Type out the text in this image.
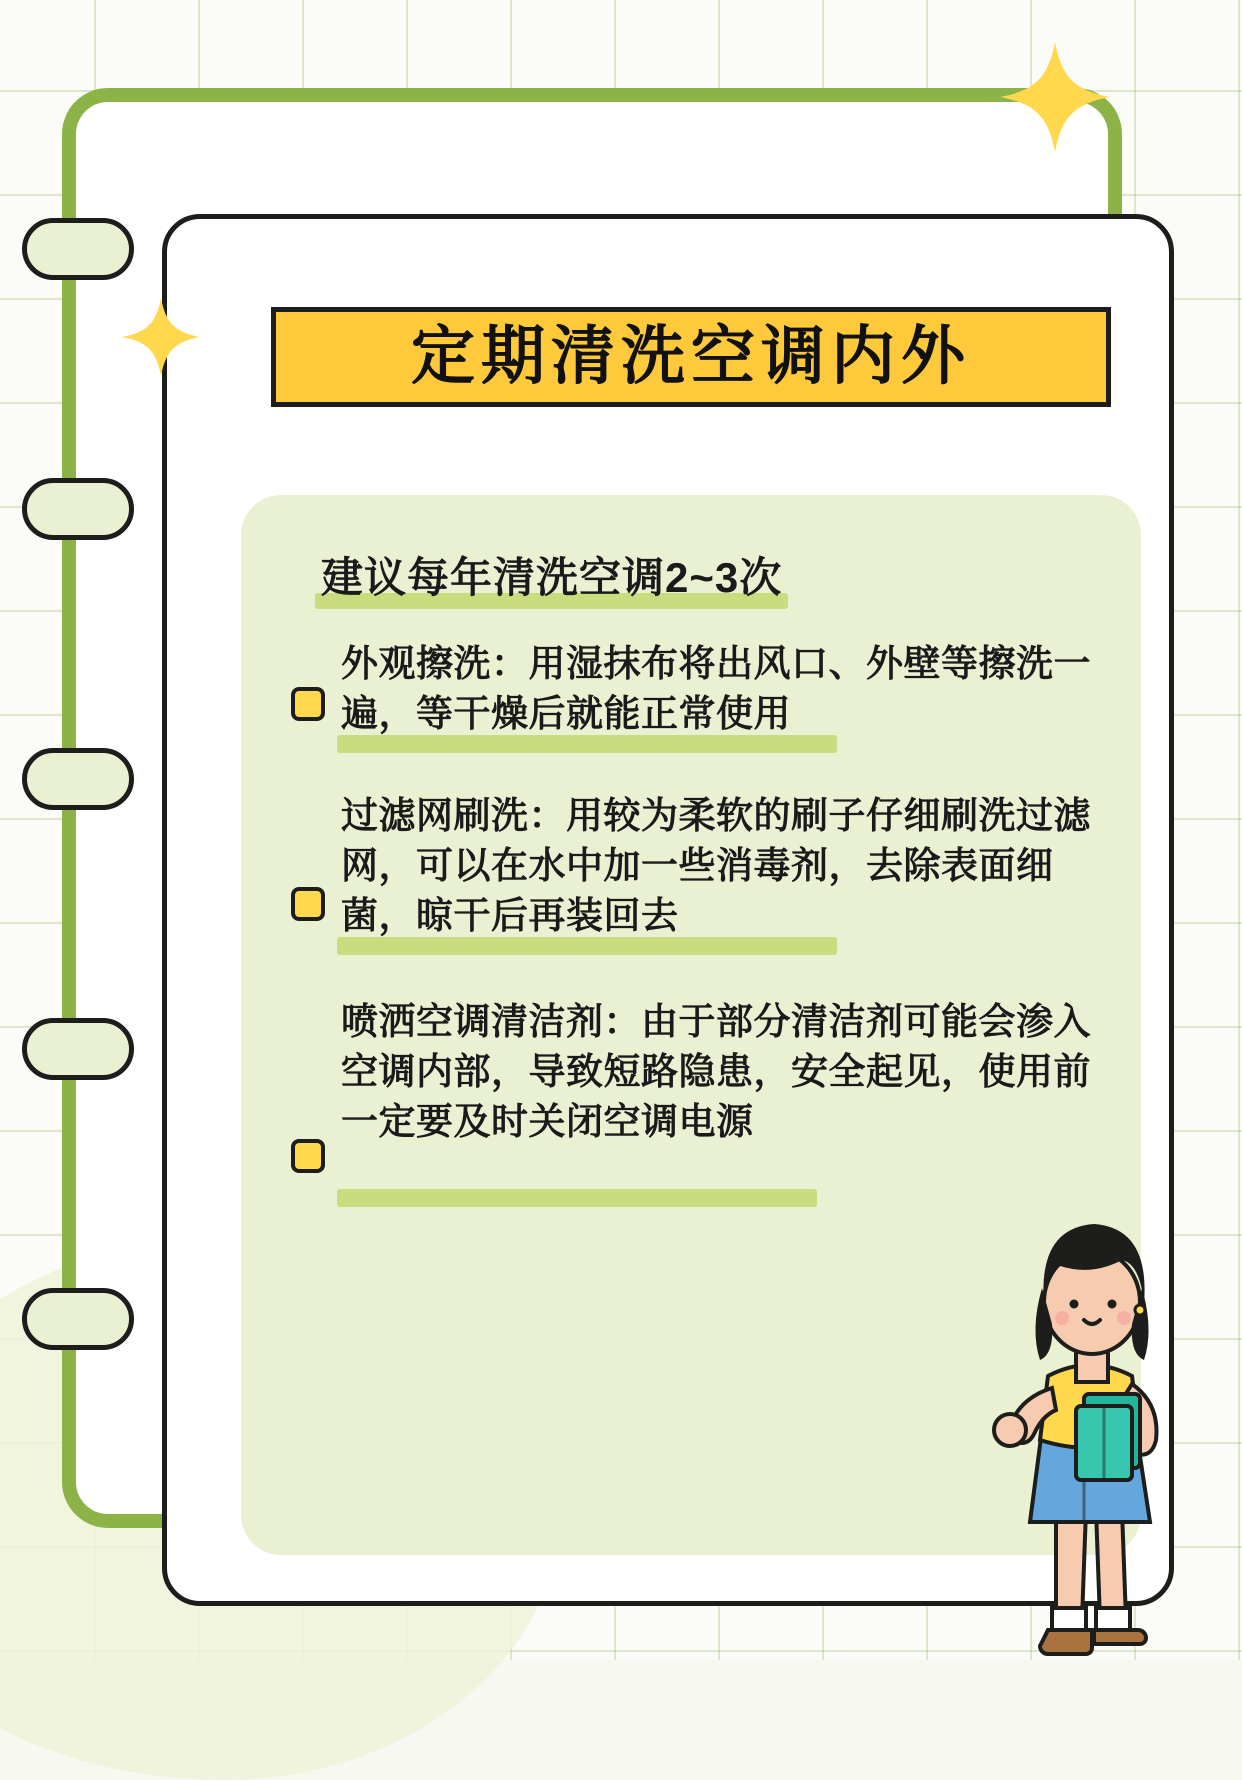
定期清洗空调内外
建议每年清洗空调2~3次
外观擦洗：用湿抹布将出风口、外壁等擦洗一遍，等干燥后就能正常使用
过滤网刷洗：用较为柔软的刷子仔细刷洗过滤网，可以在水中加一些消毒剂，去除表面细菌，晾干后再装回去
喷洒空调清洁剂：由于部分清洁剂可能会渗入空调内部，导致短路隐患，安全起见，使用前一定要及时关闭空调电源
